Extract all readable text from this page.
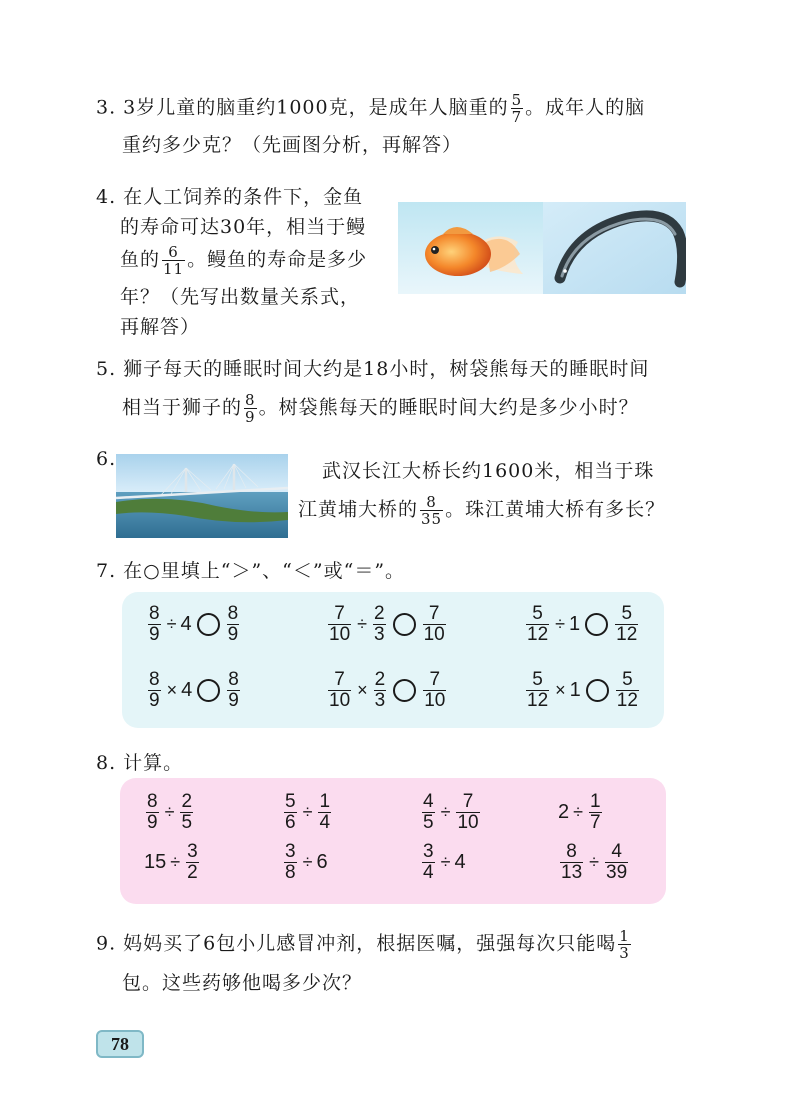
3. 3岁儿童的脑重约1000克，是成年人脑重的 $\frac{5}{7}$ 。成年人的脑
重约多少克？（先画图分析，再解答）
4. 在人工饲养的条件下，金鱼
的寿命可达30年，相当于鳗
鱼的 $\frac{6}{11}$ 。鳗鱼的寿命是多少
年？（先写出数量关系式，
再解答）
5. 狮子每天的睡眠时间大约是18小时，树袋熊每天的睡眠时间
相当于狮子的 $\frac{8}{9}$ 。树袋熊每天的睡眠时间大约是多少小时？
6.
武汉长江大桥长约1600米，相当于珠
江黄埔大桥的 $\frac{8}{35}$ 。珠江黄埔大桥有多长？
7. 在○里填上“＞”、“＜”或“＝”。
8. 计算。
9. 妈妈买了6包小儿感冒冲剂，根据医嘱，强强每次只能喝 $\frac{1}{3}$
包。这些药够他喝多少次？
78
$\frac{8}{9} \div 4 \frac{8}{9}$	$\frac{7}{10} \div \frac{2}{3} \frac{7}{10}$	$\frac{5}{12} \div 1 \frac{5}{12}$
$\frac{8}{9} \times 4 \frac{8}{9}$	$\frac{7}{10} \times \frac{2}{3} \frac{7}{10}$	$\frac{5}{12} \times 1 \frac{5}{12}$
$\frac{8}{9} \div \frac{2}{5}$	$\frac{5}{6} \div \frac{1}{4}$	$\frac{4}{5} \div \frac{7}{10}$	$2 \div \frac{1}{7}$
$15 \div \frac{3}{2}$	$\frac{3}{8} \div 6$	$\frac{3}{4} \div 4$	$\frac{8}{13} \div \frac{4}{39}$
